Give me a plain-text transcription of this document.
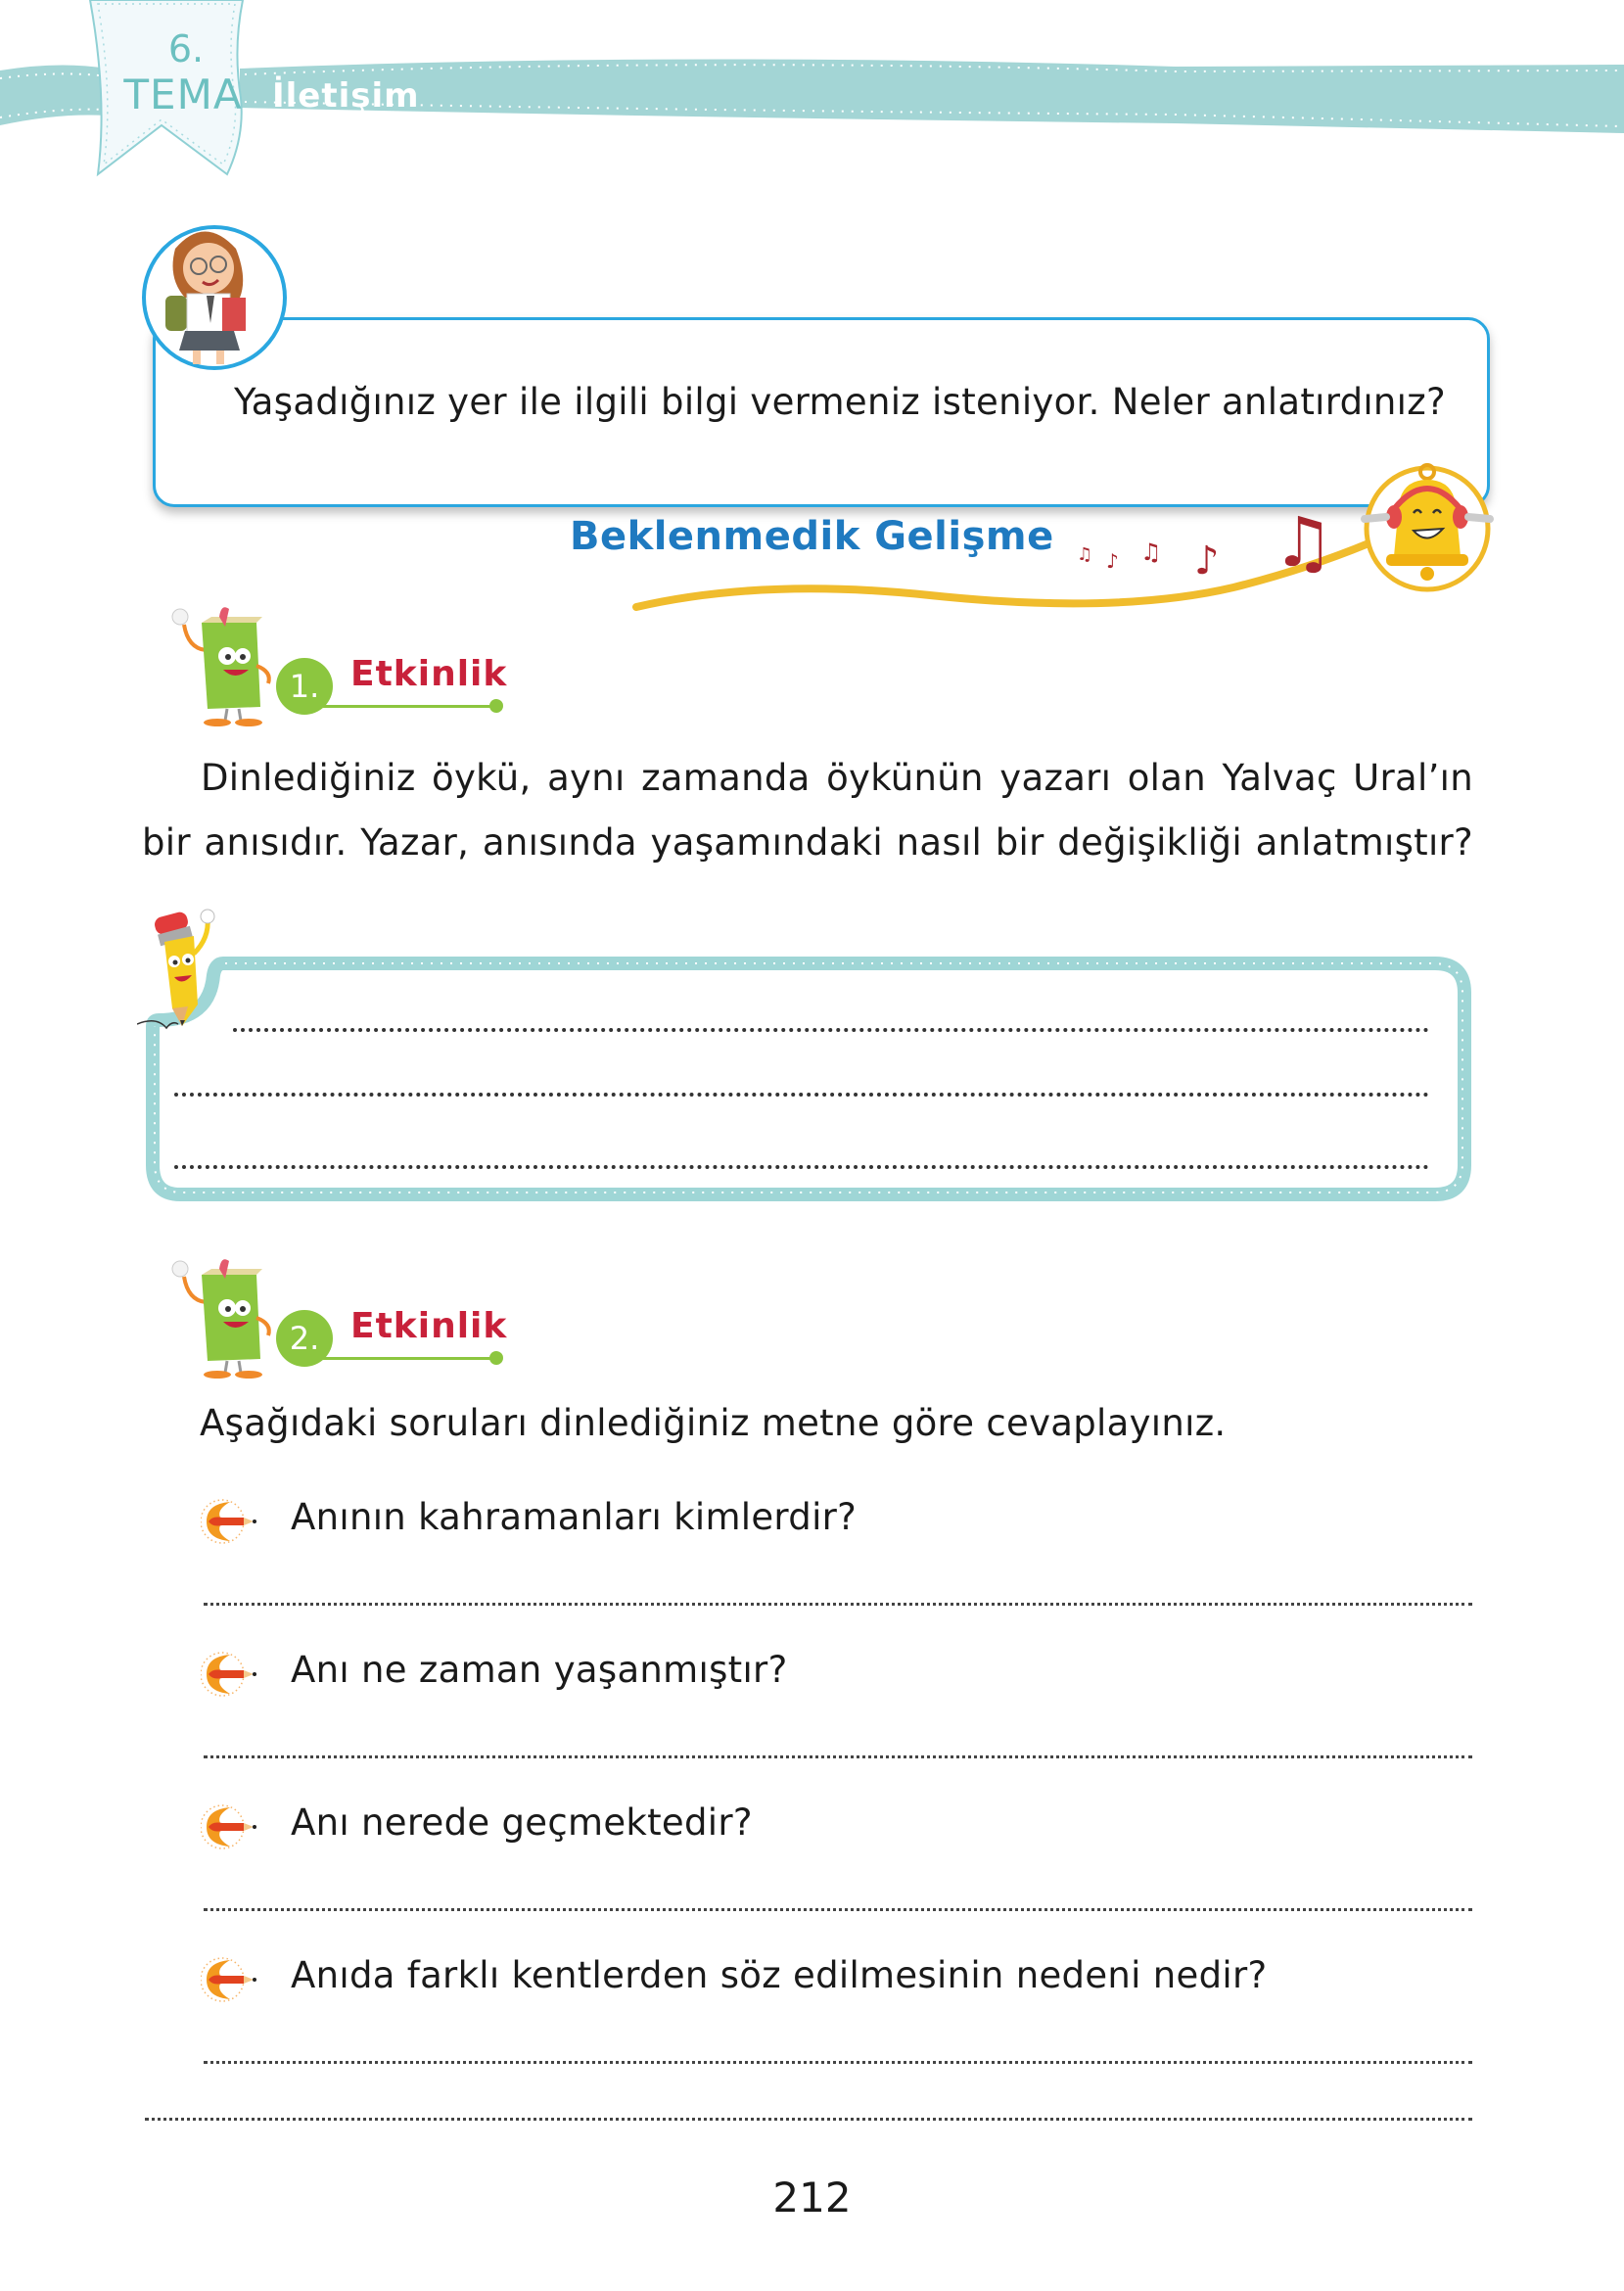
6.
TEMA İletişim
Yaşadığınız yer ile ilgili bilgi vermeniz isteniyor. Neler anlatırdınız?
♫ ♪ ♫ ♪ ♫
Beklenmedik Gelişme
1. Etkinlik
Dinlediğiniz öykü, aynı zamanda öykünün yazarı olan Yalvaç Ural’ın
bir anısıdır. Yazar, anısında yaşamındaki nasıl bir değişikliği anlatmıştır?
2. Etkinlik
Aşağıdaki soruları dinlediğiniz metne göre cevaplayınız.
Anının kahramanları kimlerdir?
Anı ne zaman yaşanmıştır?
Anı nerede geçmektedir?
Anıda farklı kentlerden söz edilmesinin nedeni nedir?
212
